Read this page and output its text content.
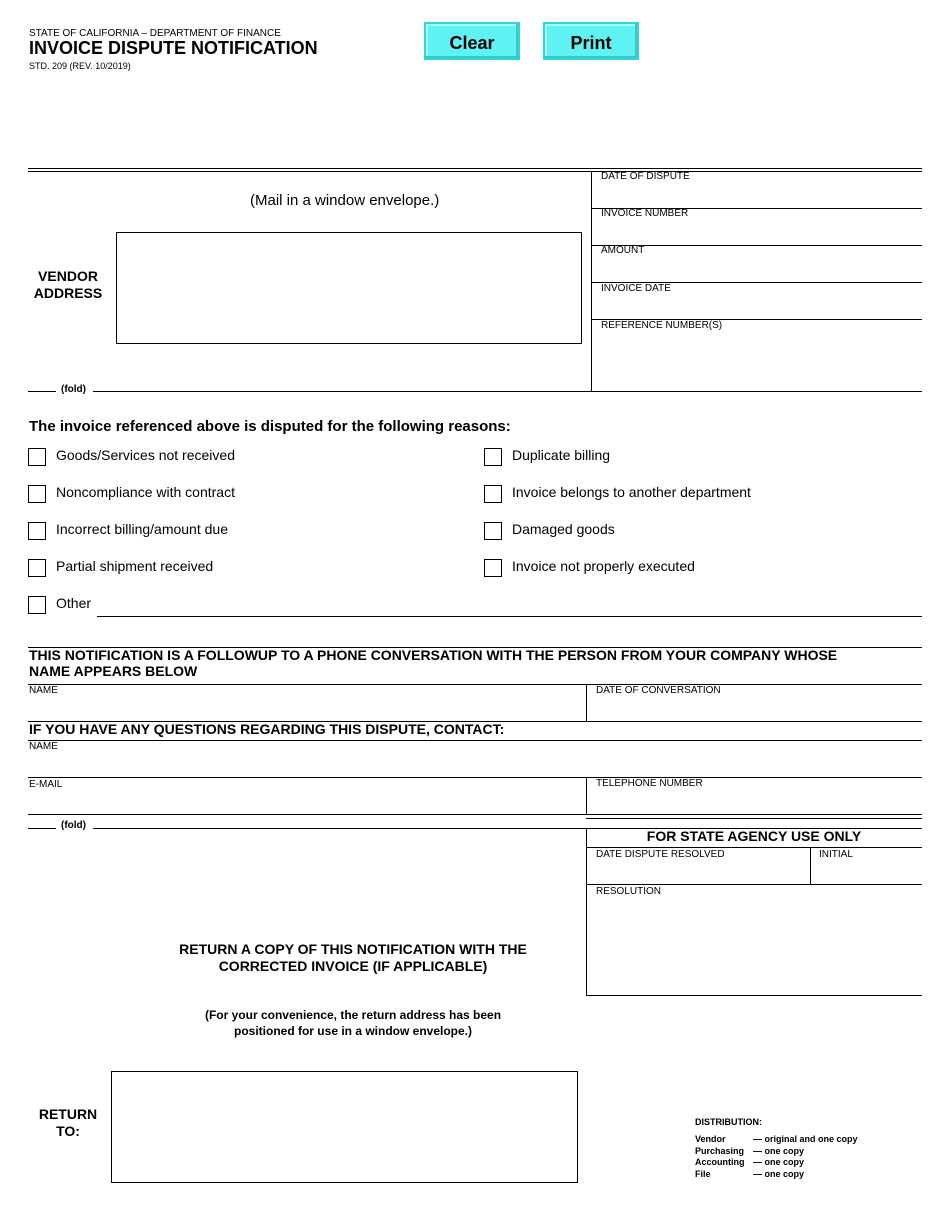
STATE OF CALIFORNIA – DEPARTMENT OF FINANCE
INVOICE DISPUTE NOTIFICATION
STD. 209 (REV. 10/2019)
Clear	Print
(Mail in a window envelope.)
VENDOR
ADDRESS
DATE OF DISPUTE
INVOICE NUMBER
AMOUNT
INVOICE DATE
REFERENCE NUMBER(S)
(fold)
The invoice referenced above is disputed for the following reasons:
Goods/Services not received
Noncompliance with contract
Incorrect billing/amount due
Partial shipment received
Other
Duplicate billing
Invoice belongs to another department
Damaged goods
Invoice not properly executed
THIS NOTIFICATION IS A FOLLOWUP TO A PHONE CONVERSATION WITH THE PERSON FROM YOUR COMPANY WHOSE
NAME APPEARS BELOW
NAME	DATE OF CONVERSATION
IF YOU HAVE ANY QUESTIONS REGARDING THIS DISPUTE, CONTACT:
NAME
E-MAIL	TELEPHONE NUMBER
(fold)
FOR STATE AGENCY USE ONLY
DATE DISPUTE RESOLVED	INITIAL
RESOLUTION
RETURN A COPY OF THIS NOTIFICATION WITH THE
CORRECTED INVOICE (IF APPLICABLE)
(For your convenience, the return address has been
positioned for use in a window envelope.)
RETURN
TO:
DISTRIBUTION:
Vendor	— original and one copy
Purchasing — one copy
Accounting — one copy
File	— one copy
